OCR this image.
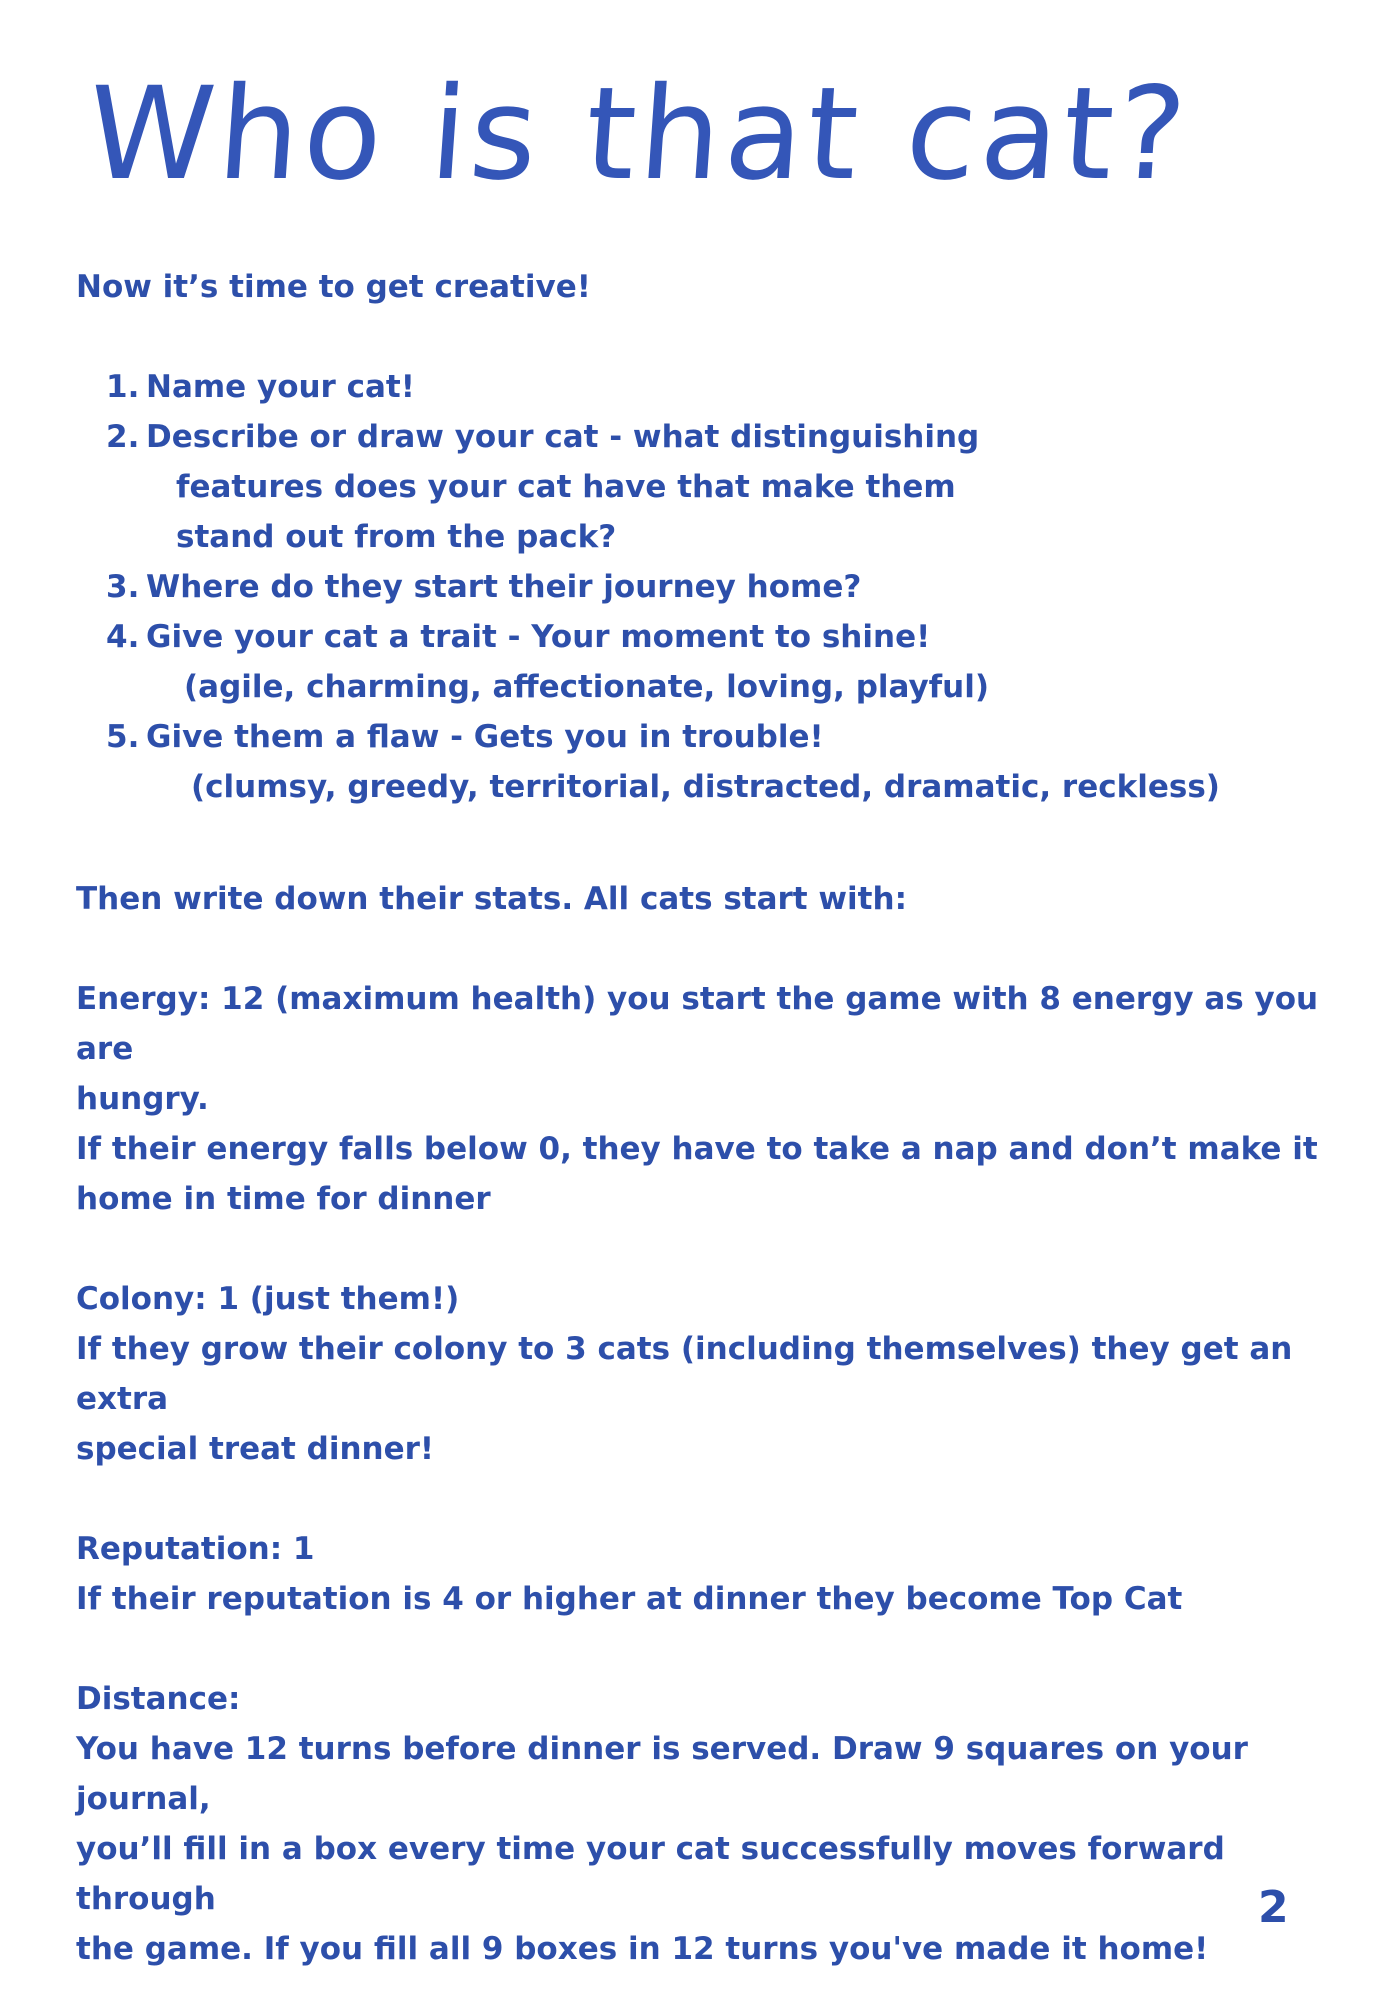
Who is that cat?

Now it’s time to get creative!

1. Name your cat!
2. Describe or draw your cat - what distinguishing
features does your cat have that make them
stand out from the pack?
3. Where do they start their journey home?
4. Give your cat a trait - Your moment to shine!
(agile, charming, affectionate, loving, playful)
5. Give them a flaw - Gets you in trouble!
(clumsy, greedy, territorial, distracted, dramatic, reckless)

Then write down their stats. All cats start with:

Energy: 12 (maximum health) you start the game with 8 energy as you are

hungry.

If their energy falls below 0, they have to take a nap and don’t make it

home in time for dinner

Colony: 1 (just them!)

If they grow their colony to 3 cats (including themselves) they get an extra

special treat dinner!

Reputation: 1

If their reputation is 4 or higher at dinner they become Top Cat

Distance:

You have 12 turns before dinner is served. Draw 9 squares on your journal,

you’ll fill in a box every time your cat successfully moves forward through

the game. If you fill all 9 boxes in 12 turns you've made it home!

2
